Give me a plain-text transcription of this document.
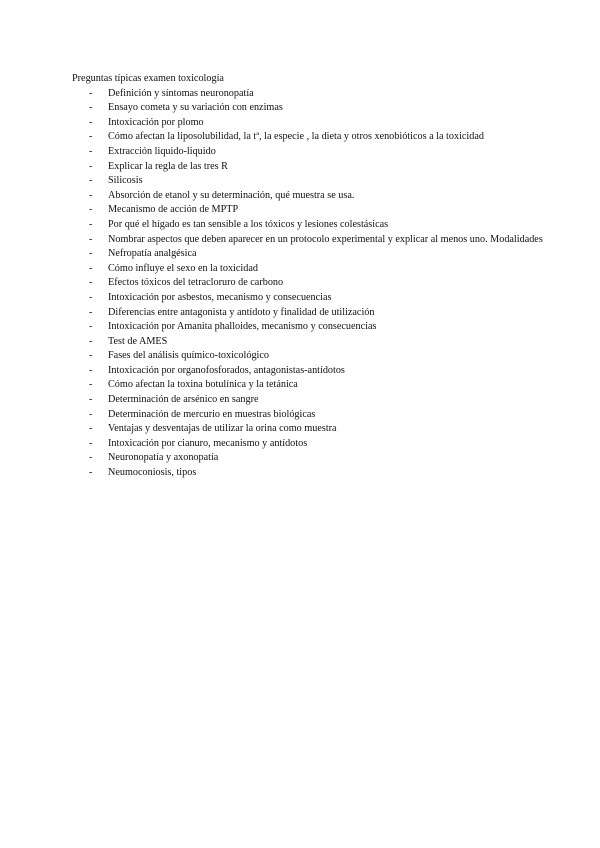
Preguntas típicas examen toxicología
-	Definición y síntomas neuronopatía
-	Ensayo cometa y su variación con enzimas
-	Intoxicación por plomo
-	Cómo afectan la liposolubilidad, la tª, la especie , la dieta y otros xenobióticos a la toxicidad
-	Extracción liquido-liquido
-	Explicar la regla de las tres R
-	Silicosis
-	Absorción de etanol y su determinación, qué muestra se usa.
-	Mecanismo de acción de MPTP
-	Por qué el hígado es tan sensible a los tóxicos y lesiones colestásicas
-	Nombrar aspectos que deben aparecer en un protocolo experimental y explicar al menos uno. Modalidades
-	Nefropatía analgésica
-	Cómo influye el sexo en la toxicidad
-	Efectos tóxicos del tetracloruro de carbono
-	Intoxicación por asbestos, mecanismo y consecuencias
-	Diferencias entre antagonista y antídoto y finalidad de utilización
-	Intoxicación por Amanita phalloides, mecanismo y consecuencias
-	Test de AMES
-	Fases del análisis químico-toxicológico
-	Intoxicación por organofosforados, antagonistas-antídotos
-	Cómo afectan la toxina botulínica y la tetánica
-	Determinación de arsénico en sangre
-	Determinación de mercurio en muestras biológicas
-	Ventajas y desventajas de utilizar la orina como muestra
-	Intoxicación por cianuro, mecanismo y antídotos
-	Neuronopatía y axonopatía
-	Neumoconiosis, tipos
